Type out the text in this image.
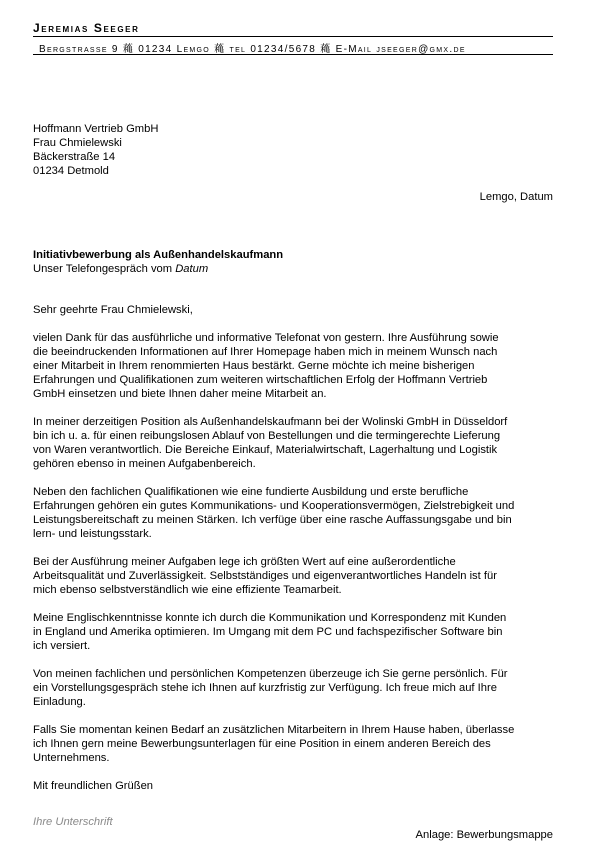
Jeremias Seeger
Bergstrasse 9 蘒 01234 Lemgo 蘒 tel 01234/5678 蘒 E-Mail jseeger@gmx.de
Hoffmann Vertrieb GmbH
Frau Chmielewski
Bäckerstraße 14
01234 Detmold
Lemgo, Datum
Initiativbewerbung als Außenhandelskaufmann
Unser Telefongespräch vom Datum

Sehr geehrte Frau Chmielewski,

vielen Dank für das ausführliche und informative Telefonat von gestern. Ihre Ausführung sowie
die beeindruckenden Informationen auf Ihrer Homepage haben mich in meinem Wunsch nach
einer Mitarbeit in Ihrem renommierten Haus bestärkt. Gerne möchte ich meine bisherigen
Erfahrungen und Qualifikationen zum weiteren wirtschaftlichen Erfolg der Hoffmann Vertrieb
GmbH einsetzen und biete Ihnen daher meine Mitarbeit an.

In meiner derzeitigen Position als Außenhandelskaufmann bei der Wolinski GmbH in Düsseldorf
bin ich u. a. für einen reibungslosen Ablauf von Bestellungen und die termingerechte Lieferung
von Waren verantwortlich. Die Bereiche Einkauf, Materialwirtschaft, Lagerhaltung und Logistik
gehören ebenso in meinen Aufgabenbereich.

Neben den fachlichen Qualifikationen wie eine fundierte Ausbildung und erste berufliche
Erfahrungen gehören ein gutes Kommunikations- und Kooperationsvermögen, Zielstrebigkeit und
Leistungsbereitschaft zu meinen Stärken. Ich verfüge über eine rasche Auffassungsgabe und bin
lern- und leistungsstark.

Bei der Ausführung meiner Aufgaben lege ich größten Wert auf eine außerordentliche
Arbeitsqualität und Zuverlässigkeit. Selbstständiges und eigenverantwortliches Handeln ist für
mich ebenso selbstverständlich wie eine effiziente Teamarbeit.

Meine Englischkenntnisse konnte ich durch die Kommunikation und Korrespondenz mit Kunden
in England und Amerika optimieren. Im Umgang mit dem PC und fachspezifischer Software bin
ich versiert.

Von meinen fachlichen und persönlichen Kompetenzen überzeuge ich Sie gerne persönlich. Für
ein Vorstellungsgespräch stehe ich Ihnen auf kurzfristig zur Verfügung. Ich freue mich auf Ihre
Einladung.

Falls Sie momentan keinen Bedarf an zusätzlichen Mitarbeitern in Ihrem Hause haben, überlasse
ich Ihnen gern meine Bewerbungsunterlagen für eine Position in einem anderen Bereich des
Unternehmens.

Mit freundlichen Grüßen

Ihre Unterschrift
Anlage: Bewerbungsmappe
